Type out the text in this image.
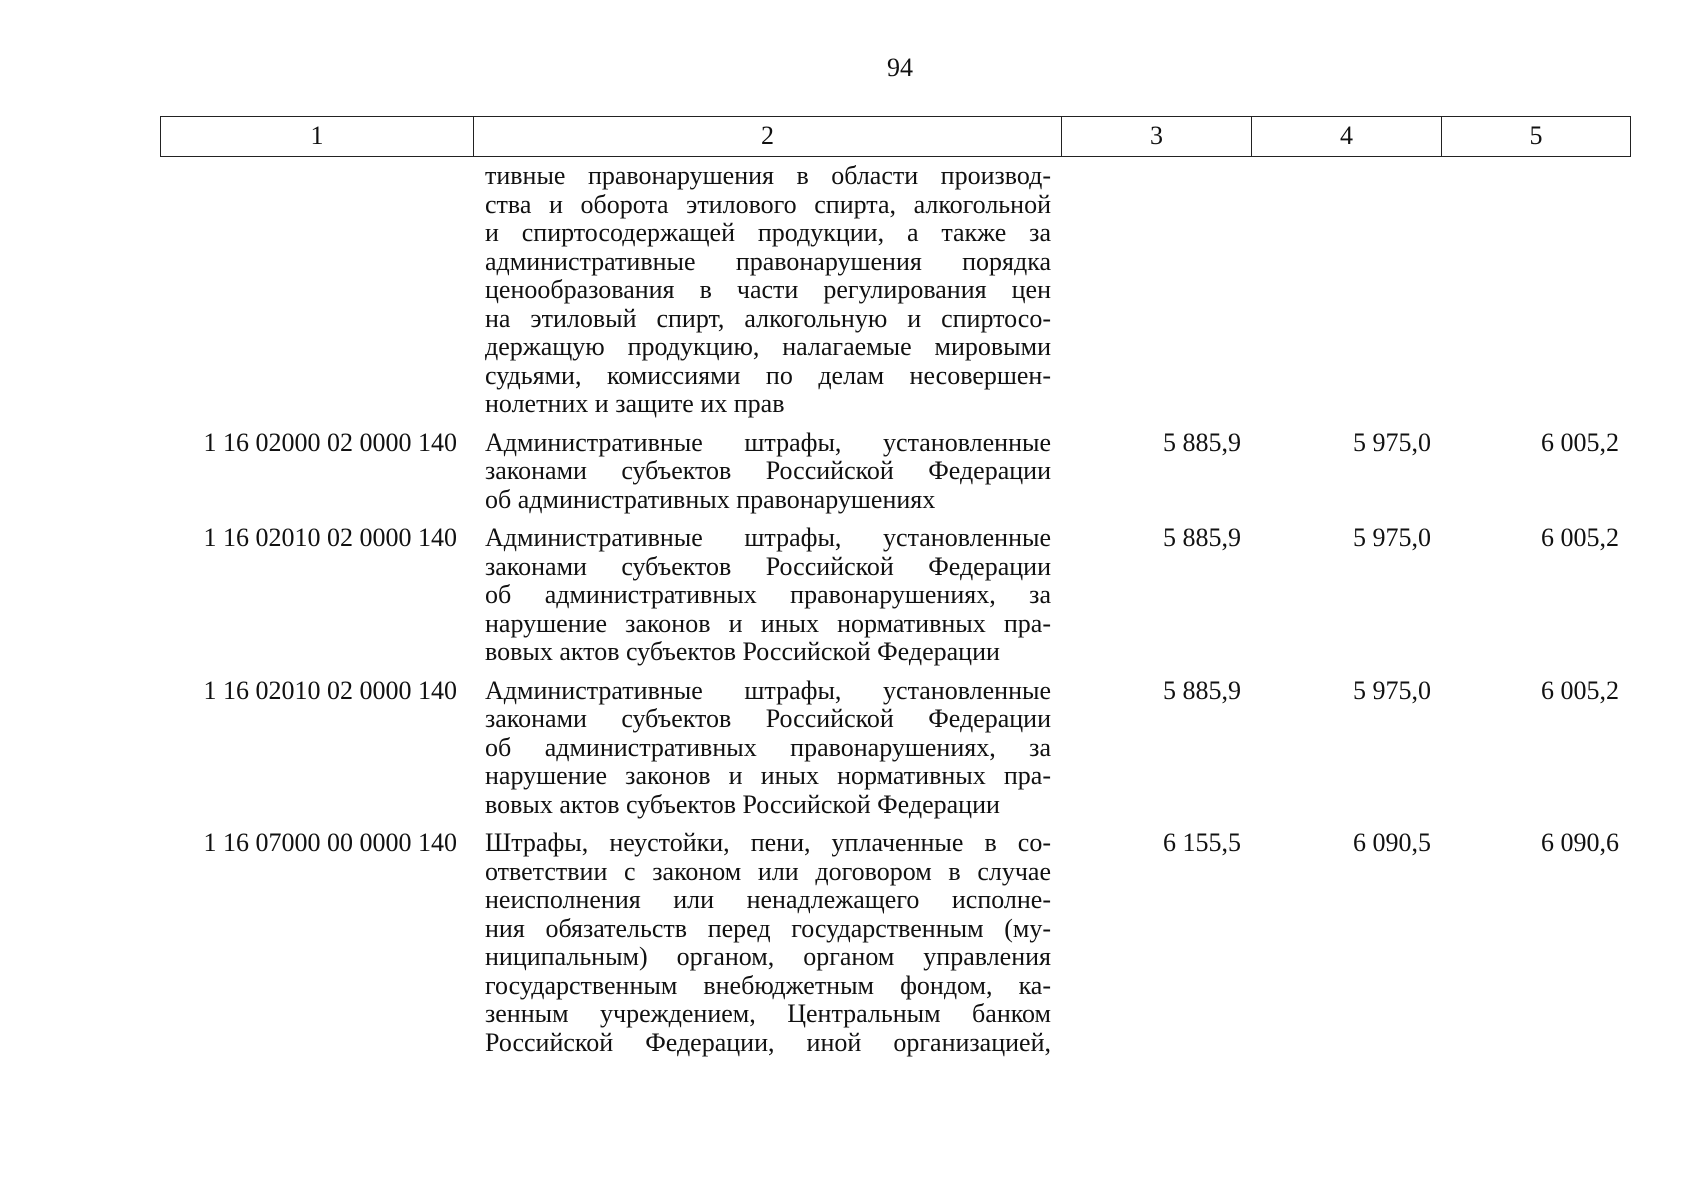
94
1	2	3	4	5
тивные правонарушения в области производ-
ства и оборота этилового спирта, алкогольной
и спиртосодержащей продукции, а также за
административные правонарушения порядка
ценообразования в части регулирования цен
на этиловый спирт, алкогольную и спиртосо-
держащую продукцию, налагаемые мировыми
судьями, комиссиями по делам несовершен-
нолетних и защите их прав
1 16 02000 02 0000 140	Административные штрафы, установленные
законами субъектов Российской Федерации
об административных правонарушениях
5 885,9	5 975,0	6 005,2
1 16 02010 02 0000 140	Административные штрафы, установленные
законами субъектов Российской Федерации
об административных правонарушениях, за
нарушение законов и иных нормативных пра-
вовых актов субъектов Российской Федерации
5 885,9	5 975,0	6 005,2
1 16 02010 02 0000 140	Административные штрафы, установленные
законами субъектов Российской Федерации
об административных правонарушениях, за
нарушение законов и иных нормативных пра-
вовых актов субъектов Российской Федерации
5 885,9	5 975,0	6 005,2
1 16 07000 00 0000 140	Штрафы, неустойки, пени, уплаченные в со-
ответствии с законом или договором в случае
неисполнения или ненадлежащего исполне-
ния обязательств перед государственным (му-
ниципальным) органом, органом управления
государственным внебюджетным фондом, ка-
зенным учреждением, Центральным банком
Российской Федерации, иной организацией,
6 155,5	6 090,5	6 090,6
